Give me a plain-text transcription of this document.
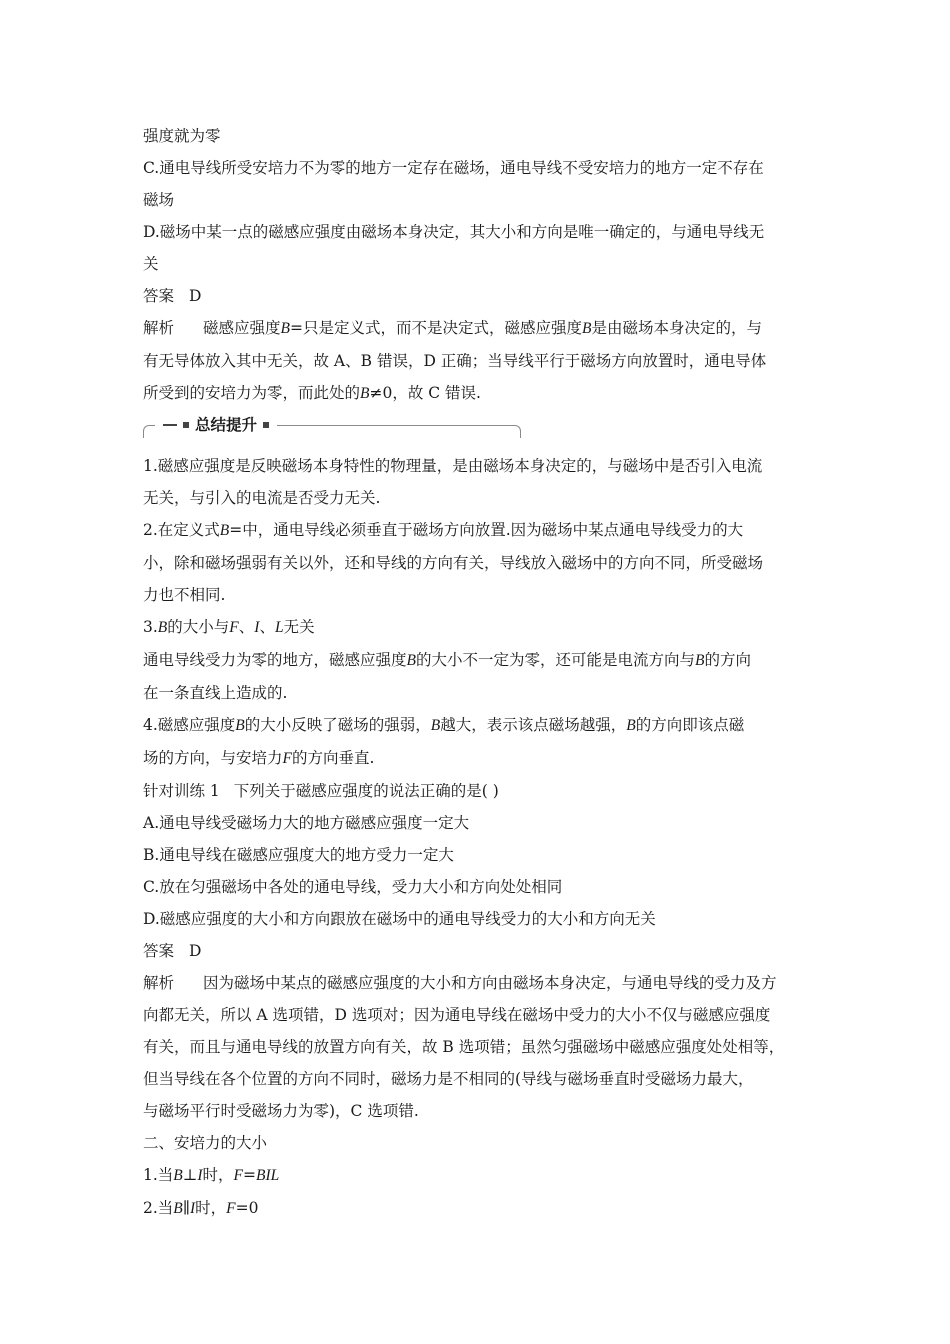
强度就为零
C.通电导线所受安培力不为零的地方一定存在磁场，通电导线不受安培力的地方一定不存在
磁场
D.磁场中某一点的磁感应强度由磁场本身决定，其大小和方向是唯一确定的，与通电导线无
关
答案 D
解析 磁感应强度B=只是定义式，而不是决定式，磁感应强度B是由磁场本身决定的，与
有无导体放入其中无关，故 A、B 错误，D 正确；当导线平行于磁场方向放置时，通电导体
所受到的安培力为零，而此处的B≠0，故 C 错误.
总结提升
1.磁感应强度是反映磁场本身特性的物理量，是由磁场本身决定的，与磁场中是否引入电流
无关，与引入的电流是否受力无关.
2.在定义式B=中，通电导线必须垂直于磁场方向放置.因为磁场中某点通电导线受力的大
小，除和磁场强弱有关以外，还和导线的方向有关，导线放入磁场中的方向不同，所受磁场
力也不相同.
3.B的大小与F、I、L无关
通电导线受力为零的地方，磁感应强度B的大小不一定为零，还可能是电流方向与B的方向
在一条直线上造成的.
4.磁感应强度B的大小反映了磁场的强弱，B越大，表示该点磁场越强，B的方向即该点磁
场的方向，与安培力F的方向垂直.
针对训练 1 下列关于磁感应强度的说法正确的是( )
A.通电导线受磁场力大的地方磁感应强度一定大
B.通电导线在磁感应强度大的地方受力一定大
C.放在匀强磁场中各处的通电导线，受力大小和方向处处相同
D.磁感应强度的大小和方向跟放在磁场中的通电导线受力的大小和方向无关
答案 D
解析 因为磁场中某点的磁感应强度的大小和方向由磁场本身决定，与通电导线的受力及方
向都无关，所以 A 选项错，D 选项对；因为通电导线在磁场中受力的大小不仅与磁感应强度
有关，而且与通电导线的放置方向有关，故 B 选项错；虽然匀强磁场中磁感应强度处处相等，
但当导线在各个位置的方向不同时，磁场力是不相同的(导线与磁场垂直时受磁场力最大，
与磁场平行时受磁场力为零)，C 选项错.
二、安培力的大小
1.当B⊥I时，F=BIL
2.当B∥I时，F=0
